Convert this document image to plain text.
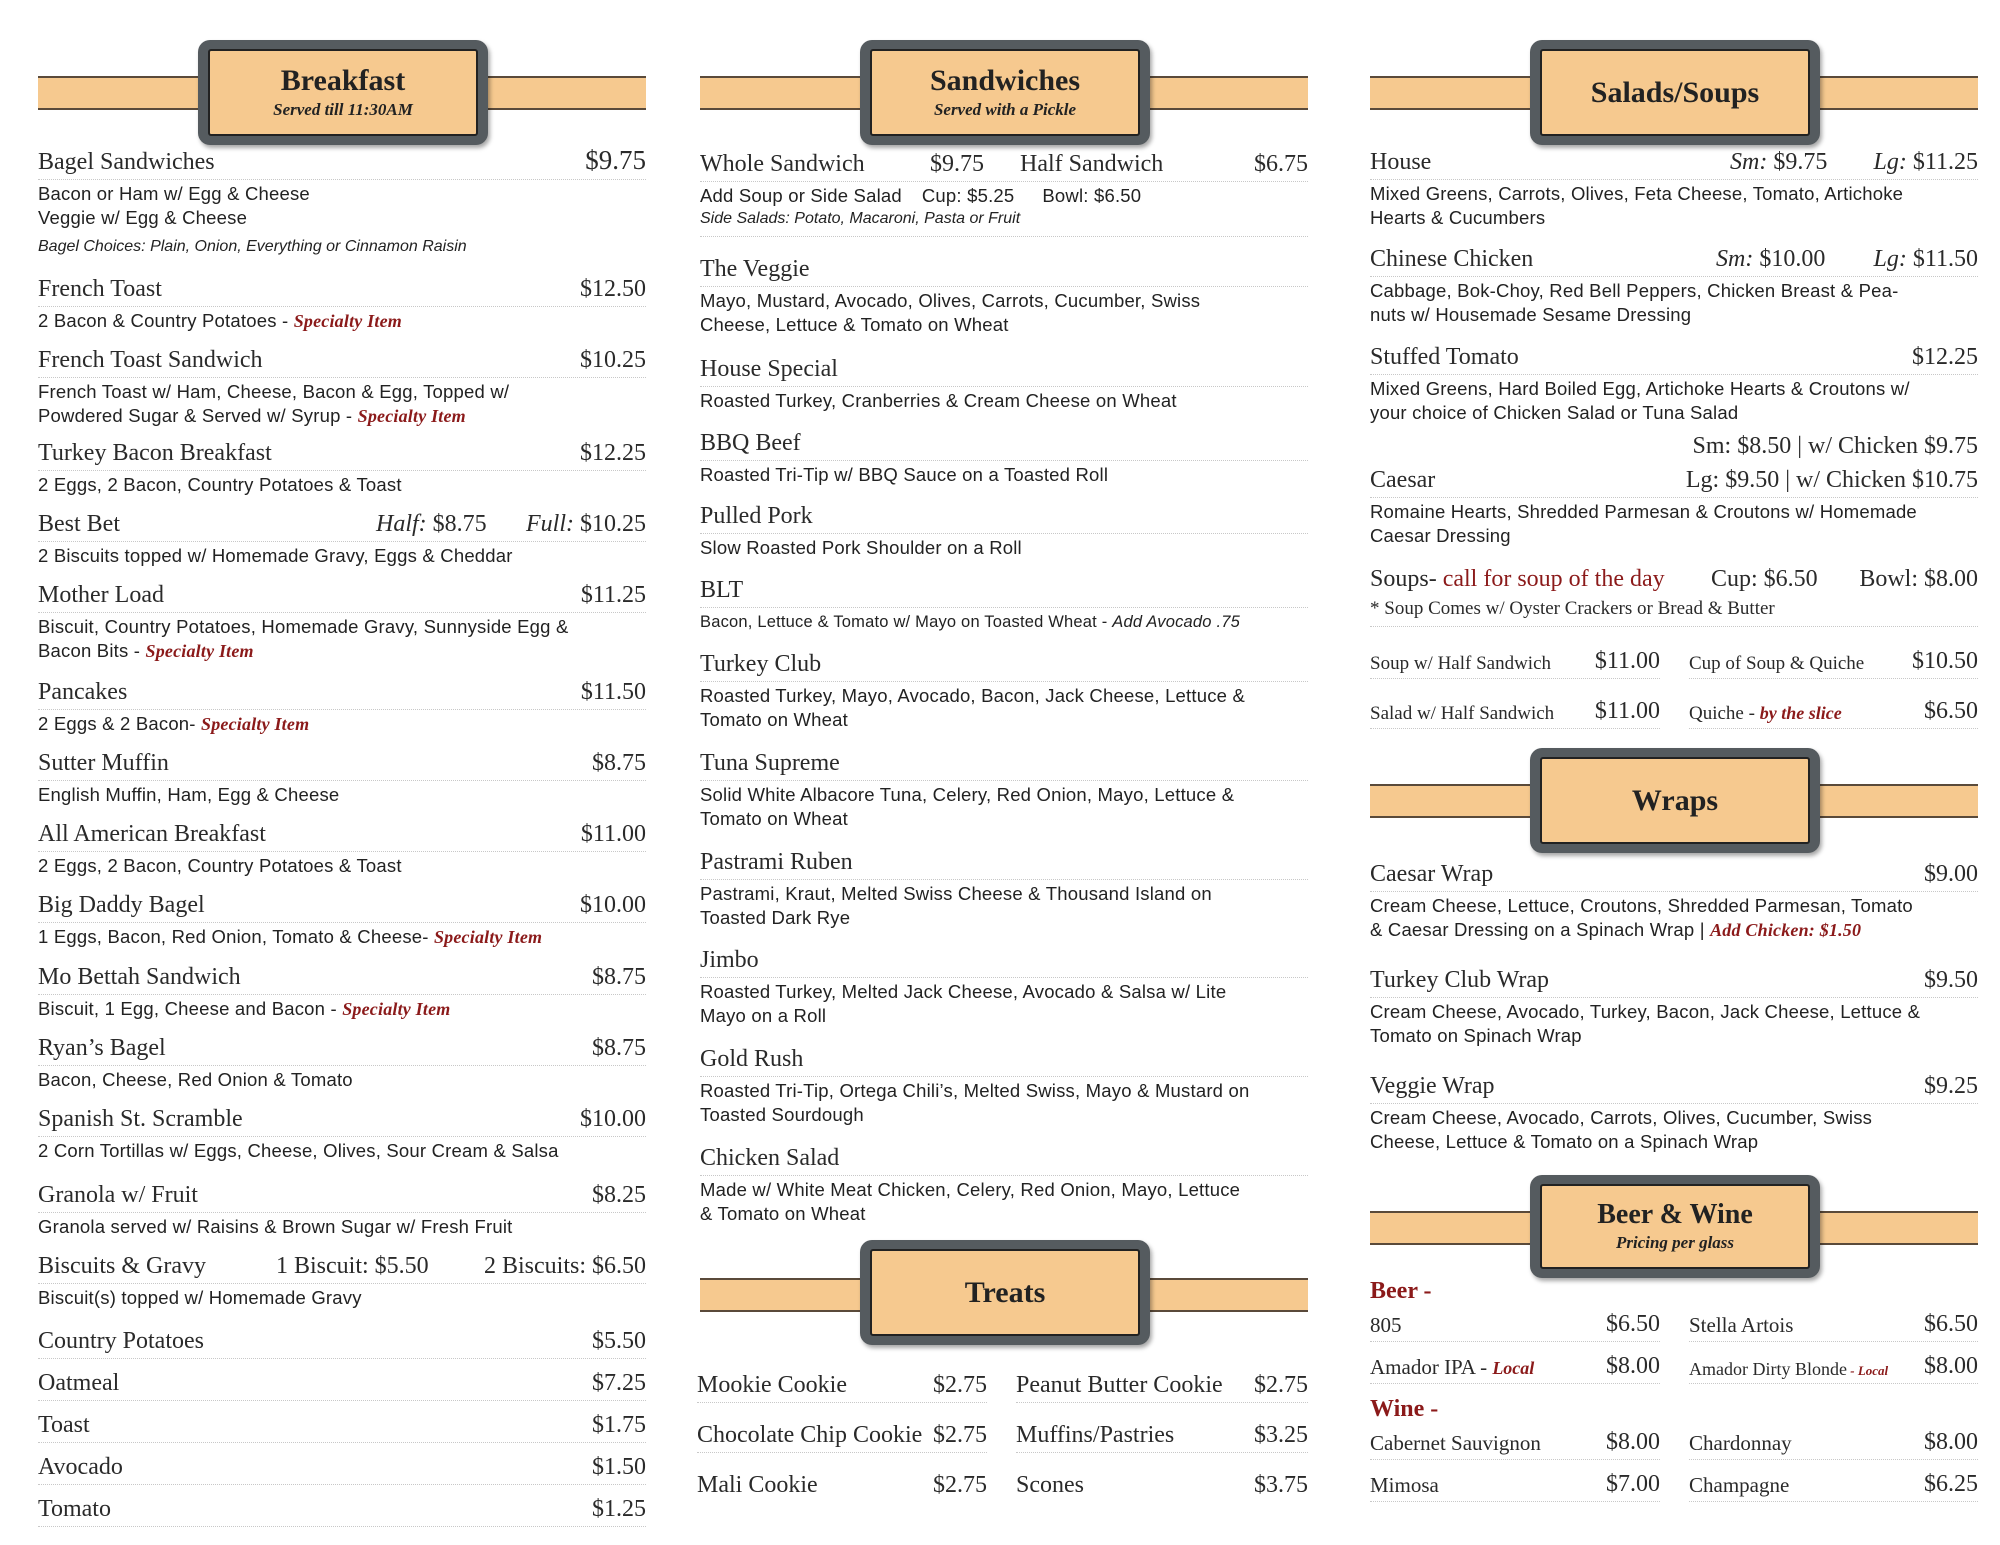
Breakfast
Served till 11:30AM
Bagel Sandwiches	$9.75
Bacon or Ham w/ Egg & Cheese
Veggie w/ Egg & Cheese
Bagel Choices: Plain, Onion, Everything or Cinnamon Raisin
French Toast	$12.50
2 Bacon & Country Potatoes - Specialty Item
French Toast Sandwich	$10.25
French Toast w/ Ham, Cheese, Bacon & Egg, Topped w/
Powdered Sugar & Served w/ Syrup - Specialty Item
Turkey Bacon Breakfast	$12.25
2 Eggs, 2 Bacon, Country Potatoes & Toast
Best Bet	Half: $8.75 Full: $10.25
2 Biscuits topped w/ Homemade Gravy, Eggs & Cheddar
Mother Load	$11.25
Biscuit, Country Potatoes, Homemade Gravy, Sunnyside Egg &
Bacon Bits - Specialty Item
Pancakes	$11.50
2 Eggs & 2 Bacon- Specialty Item
Sutter Muffin	$8.75
English Muffin, Ham, Egg & Cheese
All American Breakfast	$11.00
2 Eggs, 2 Bacon, Country Potatoes & Toast
Big Daddy Bagel	$10.00
1 Eggs, Bacon, Red Onion, Tomato & Cheese- Specialty Item
Mo Bettah Sandwich	$8.75
Biscuit, 1 Egg, Cheese and Bacon - Specialty Item
Ryan’s Bagel	$8.75
Bacon, Cheese, Red Onion & Tomato
Spanish St. Scramble	$10.00
2 Corn Tortillas w/ Eggs, Cheese, Olives, Sour Cream & Salsa
Granola w/ Fruit	$8.25
Granola served w/ Raisins & Brown Sugar w/ Fresh Fruit
Biscuits & Gravy	1 Biscuit: $5.50 2 Biscuits: $6.50
Biscuit(s) topped w/ Homemade Gravy
Country Potatoes	$5.50
Oatmeal	$7.25
Toast	$1.75
Avocado	$1.50
Tomato	$1.25
Sandwiches
Served with a Pickle
Whole Sandwich	$9.75 Half Sandwich	$6.75
Add Soup or Side Salad Cup: $5.25 Bowl: $6.50
Side Salads: Potato, Macaroni, Pasta or Fruit
The Veggie
Mayo, Mustard, Avocado, Olives, Carrots, Cucumber, Swiss
Cheese, Lettuce & Tomato on Wheat
House Special
Roasted Turkey, Cranberries & Cream Cheese on Wheat
BBQ Beef
Roasted Tri-Tip w/ BBQ Sauce on a Toasted Roll
Pulled Pork
Slow Roasted Pork Shoulder on a Roll
BLT
Bacon, Lettuce & Tomato w/ Mayo on Toasted Wheat - Add Avocado .75
Turkey Club
Roasted Turkey, Mayo, Avocado, Bacon, Jack Cheese, Lettuce &
Tomato on Wheat
Tuna Supreme
Solid White Albacore Tuna, Celery, Red Onion, Mayo, Lettuce &
Tomato on Wheat
Pastrami Ruben
Pastrami, Kraut, Melted Swiss Cheese & Thousand Island on
Toasted Dark Rye
Jimbo
Roasted Turkey, Melted Jack Cheese, Avocado & Salsa w/ Lite
Mayo on a Roll
Gold Rush
Roasted Tri-Tip, Ortega Chili’s, Melted Swiss, Mayo & Mustard on
Toasted Sourdough
Chicken Salad
Made w/ White Meat Chicken, Celery, Red Onion, Mayo, Lettuce
& Tomato on Wheat
Treats
Mookie Cookie	$2.75 Peanut Butter Cookie $2.75
Chocolate Chip Cookie $2.75 Muffins/Pastries	$3.25
Mali Cookie	$2.75 Scones	$3.75
Salads/Soups
House	Sm: $9.75 Lg: $11.25
Mixed Greens, Carrots, Olives, Feta Cheese, Tomato, Artichoke
Hearts & Cucumbers
Chinese Chicken	Sm: $10.00 Lg: $11.50
Cabbage, Bok-Choy, Red Bell Peppers, Chicken Breast & Pea-
nuts w/ Housemade Sesame Dressing
Stuffed Tomato	$12.25
Mixed Greens, Hard Boiled Egg, Artichoke Hearts & Croutons w/
your choice of Chicken Salad or Tuna Salad
Sm: $8.50 | w/ Chicken $9.75
Caesar	Lg: $9.50 | w/ Chicken $10.75
Romaine Hearts, Shredded Parmesan & Croutons w/ Homemade
Caesar Dressing
Soups- call for soup of the day Cup: $6.50 Bowl: $8.00
* Soup Comes w/ Oyster Crackers or Bread & Butter
Soup w/ Half Sandwich $11.00 Cup of Soup & Quiche $10.50
Salad w/ Half Sandwich $11.00 Quiche - by the slice	$6.50
Wraps
Caesar Wrap	$9.00
Cream Cheese, Lettuce, Croutons, Shredded Parmesan, Tomato
& Caesar Dressing on a Spinach Wrap | Add Chicken: $1.50
Turkey Club Wrap	$9.50
Cream Cheese, Avocado, Turkey, Bacon, Jack Cheese, Lettuce &
Tomato on Spinach Wrap
Veggie Wrap	$9.25
Cream Cheese, Avocado, Carrots, Olives, Cucumber, Swiss
Cheese, Lettuce & Tomato on a Spinach Wrap
Beer & Wine
Pricing per glass
Beer -
805	$6.50 Stella Artois	$6.50
Amador IPA - Local	$8.00 Amador Dirty Blonde - Local $8.00
Wine -
Cabernet Sauvignon	$8.00 Chardonnay	$8.00
Mimosa	$7.00 Champagne	$6.25
